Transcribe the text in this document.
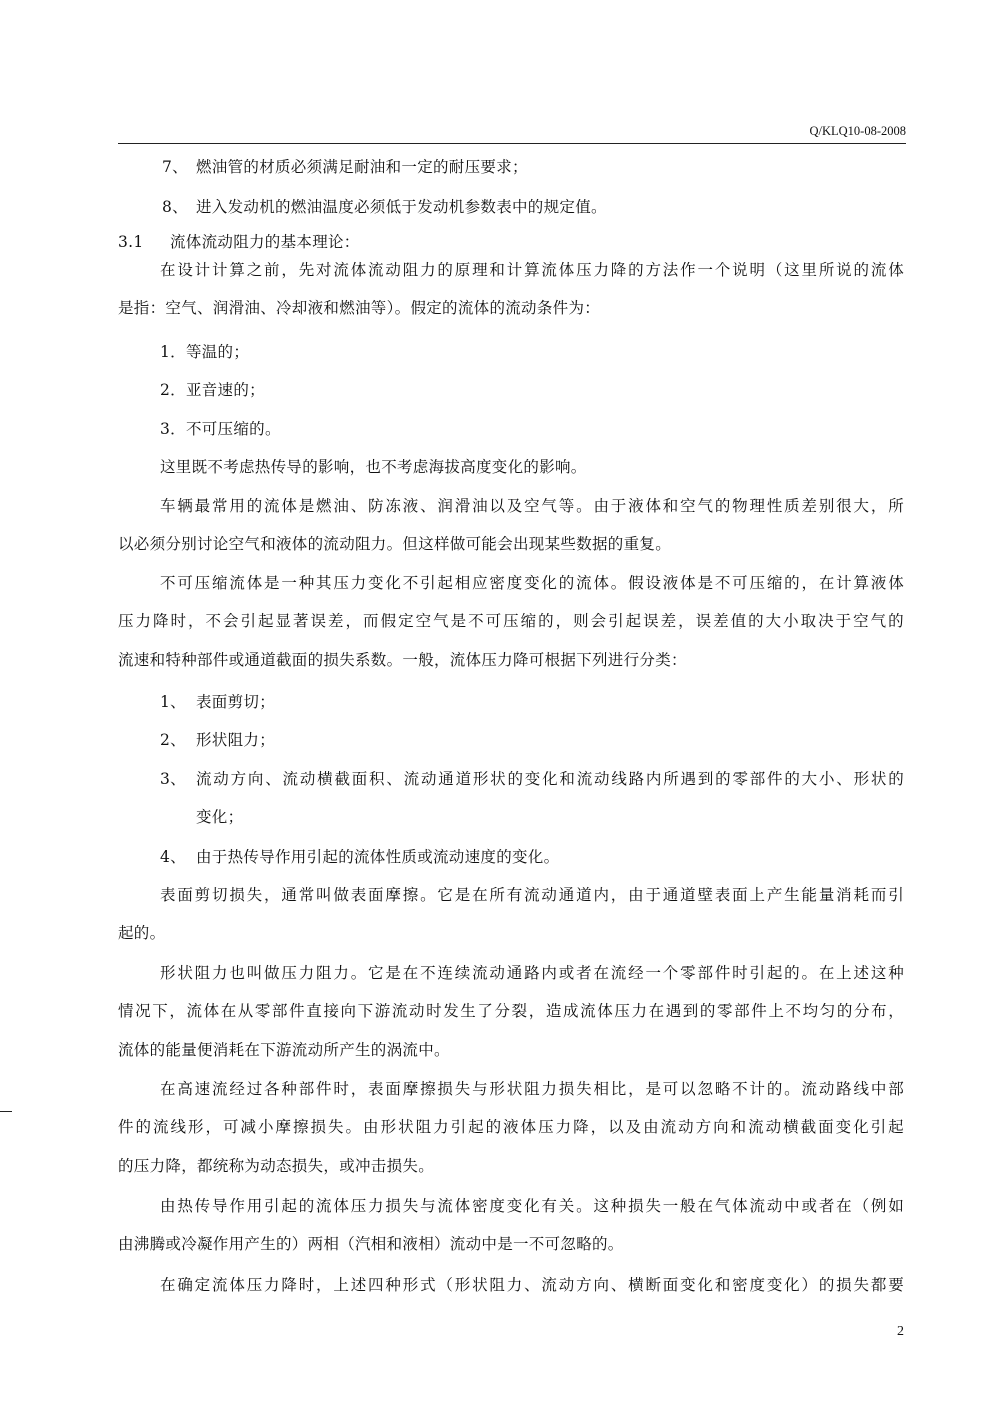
Q/KLQ10-08-2008
7、 燃油管的材质必须满足耐油和一定的耐压要求；
8、 进入发动机的燃油温度必须低于发动机参数表中的规定值。
3.1 流体流动阻力的基本理论：
在设计计算之前，先对流体流动阻力的原理和计算流体压力降的方法作一个说明（这里所说的流体
是指：空气、润滑油、冷却液和燃油等）。假定的流体的流动条件为：
1．等温的；
2．亚音速的；
3．不可压缩的。
这里既不考虑热传导的影响，也不考虑海拔高度变化的影响。
车辆最常用的流体是燃油、防冻液、润滑油以及空气等。由于液体和空气的物理性质差别很大，所
以必须分别讨论空气和液体的流动阻力。但这样做可能会出现某些数据的重复。
不可压缩流体是一种其压力变化不引起相应密度变化的流体。假设液体是不可压缩的，在计算液体
压力降时，不会引起显著误差，而假定空气是不可压缩的，则会引起误差，误差值的大小取决于空气的
流速和特种部件或通道截面的损失系数。一般，流体压力降可根据下列进行分类：
1、 表面剪切；
2、 形状阻力；
3、 流动方向、流动横截面积、流动通道形状的变化和流动线路内所遇到的零部件的大小、形状的
变化；
4、 由于热传导作用引起的流体性质或流动速度的变化。
表面剪切损失，通常叫做表面摩擦。它是在所有流动通道内，由于通道壁表面上产生能量消耗而引
起的。
形状阻力也叫做压力阻力。它是在不连续流动通路内或者在流经一个零部件时引起的。在上述这种
情况下，流体在从零部件直接向下游流动时发生了分裂，造成流体压力在遇到的零部件上不均匀的分布，
流体的能量便消耗在下游流动所产生的涡流中。
在高速流经过各种部件时，表面摩擦损失与形状阻力损失相比，是可以忽略不计的。流动路线中部
件的流线形，可减小摩擦损失。由形状阻力引起的液体压力降，以及由流动方向和流动横截面变化引起
的压力降，都统称为动态损失，或冲击损失。
由热传导作用引起的流体压力损失与流体密度变化有关。这种损失一般在气体流动中或者在（例如
由沸腾或冷凝作用产生的）两相（汽相和液相）流动中是一不可忽略的。
在确定流体压力降时，上述四种形式（形状阻力、流动方向、横断面变化和密度变化）的损失都要
2
